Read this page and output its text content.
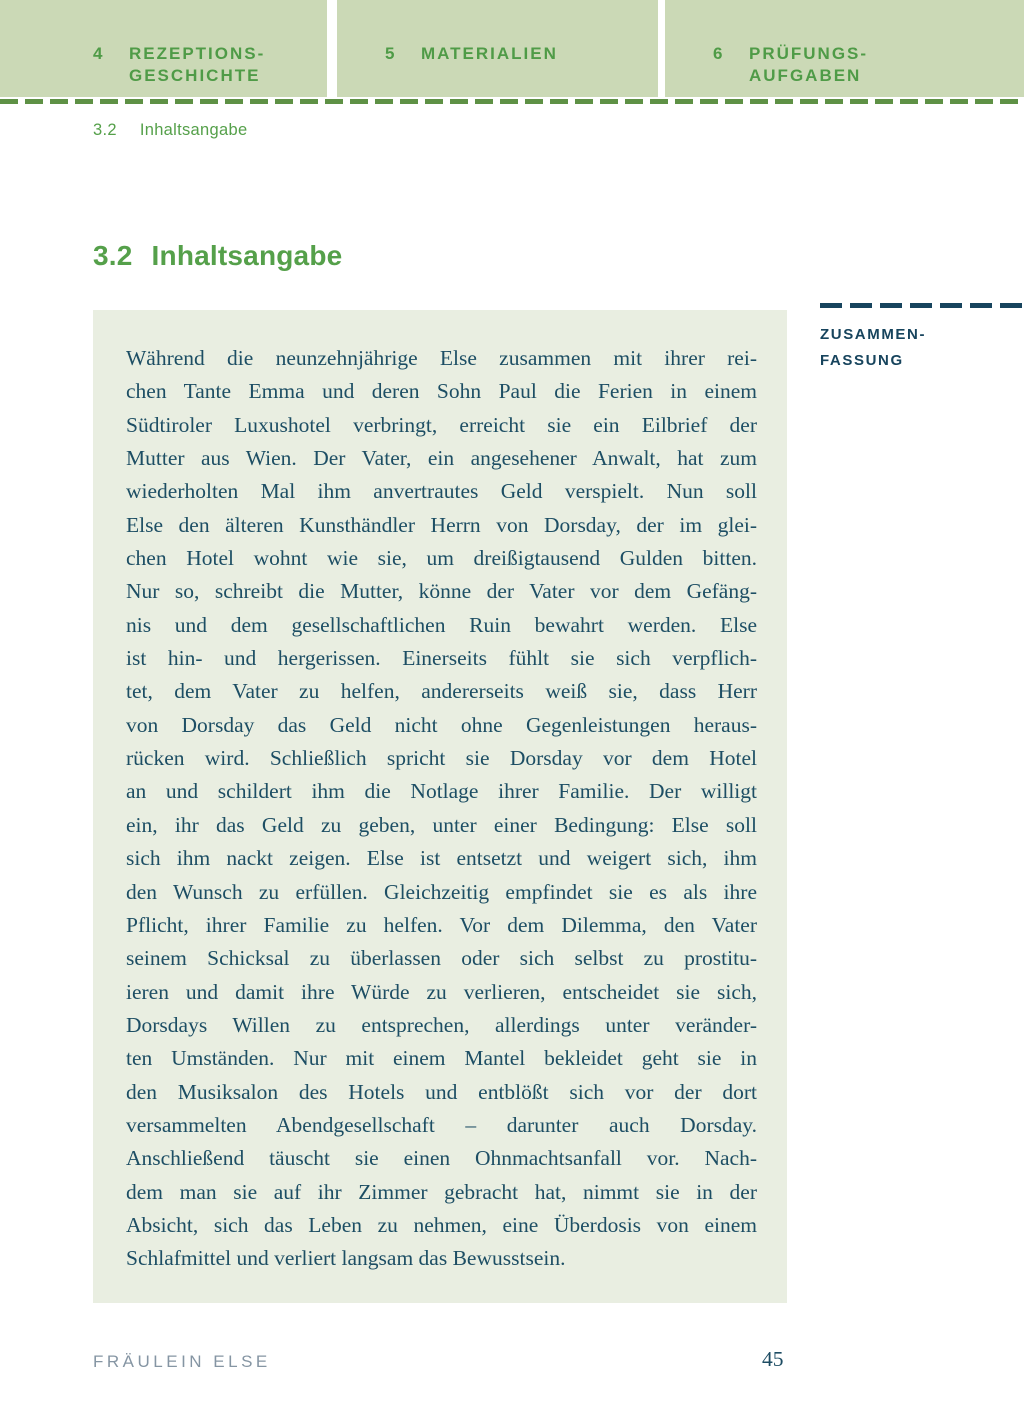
4	REZEPTIONS-
GESCHICHTE
5	MATERIALIEN	6	PRÜFUNGS-
AUFGABEN
3.2 Inhaltsangabe
3.2 Inhaltsangabe
Während die neunzehnjährige Else zusammen mit ihrer rei-
chen Tante Emma und deren Sohn Paul die Ferien in einem
Südtiroler Luxushotel verbringt, erreicht sie ein Eilbrief der
Mutter aus Wien. Der Vater, ein angesehener Anwalt, hat zum
wiederholten Mal ihm anvertrautes Geld verspielt. Nun soll
Else den älteren Kunsthändler Herrn von Dorsday, der im glei-
chen Hotel wohnt wie sie, um dreißigtausend Gulden bitten.
Nur so, schreibt die Mutter, könne der Vater vor dem Gefäng-
nis und dem gesellschaftlichen Ruin bewahrt werden. Else
ist hin- und hergerissen. Einerseits fühlt sie sich verpflich-
tet, dem Vater zu helfen, andererseits weiß sie, dass Herr
von Dorsday das Geld nicht ohne Gegenleistungen heraus-
rücken wird. Schließlich spricht sie Dorsday vor dem Hotel
an und schildert ihm die Notlage ihrer Familie. Der willigt
ein, ihr das Geld zu geben, unter einer Bedingung: Else soll
sich ihm nackt zeigen. Else ist entsetzt und weigert sich, ihm
den Wunsch zu erfüllen. Gleichzeitig empfindet sie es als ihre
Pflicht, ihrer Familie zu helfen. Vor dem Dilemma, den Vater
seinem Schicksal zu überlassen oder sich selbst zu prostitu-
ieren und damit ihre Würde zu verlieren, entscheidet sie sich,
Dorsdays Willen zu entsprechen, allerdings unter veränder-
ten Umständen. Nur mit einem Mantel bekleidet geht sie in
den Musiksalon des Hotels und entblößt sich vor der dort
versammelten Abendgesellschaft – darunter auch Dorsday.
Anschließend täuscht sie einen Ohnmachtsanfall vor. Nach-
dem man sie auf ihr Zimmer gebracht hat, nimmt sie in der
Absicht, sich das Leben zu nehmen, eine Überdosis von einem
Schlafmittel und verliert langsam das Bewusstsein.
ZUSAMMEN-
FASSUNG
FRÄULEIN ELSE	45
